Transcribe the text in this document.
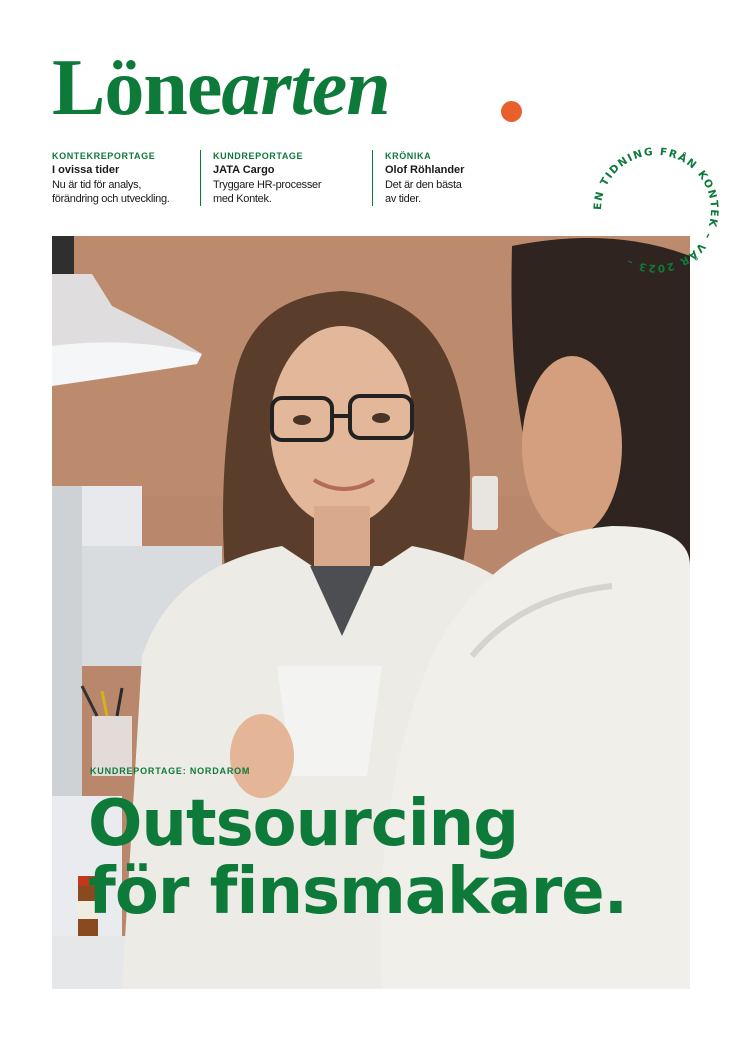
Lönearten
KONTEKREPORTAGE
I ovissa tider
Nu är tid för analys,
förändring och utveckling.
KUNDREPORTAGE
JATA Cargo
Tryggare HR-processer
med Kontek.
KRÖNIKA
Olof Röhlander
Det är den bästa
av tider.
EN TIDNING FRÅN KONTEK – VÅR 2023 –
KUNDREPORTAGE: NORDAROM
Outsourcing
för finsmakare.
